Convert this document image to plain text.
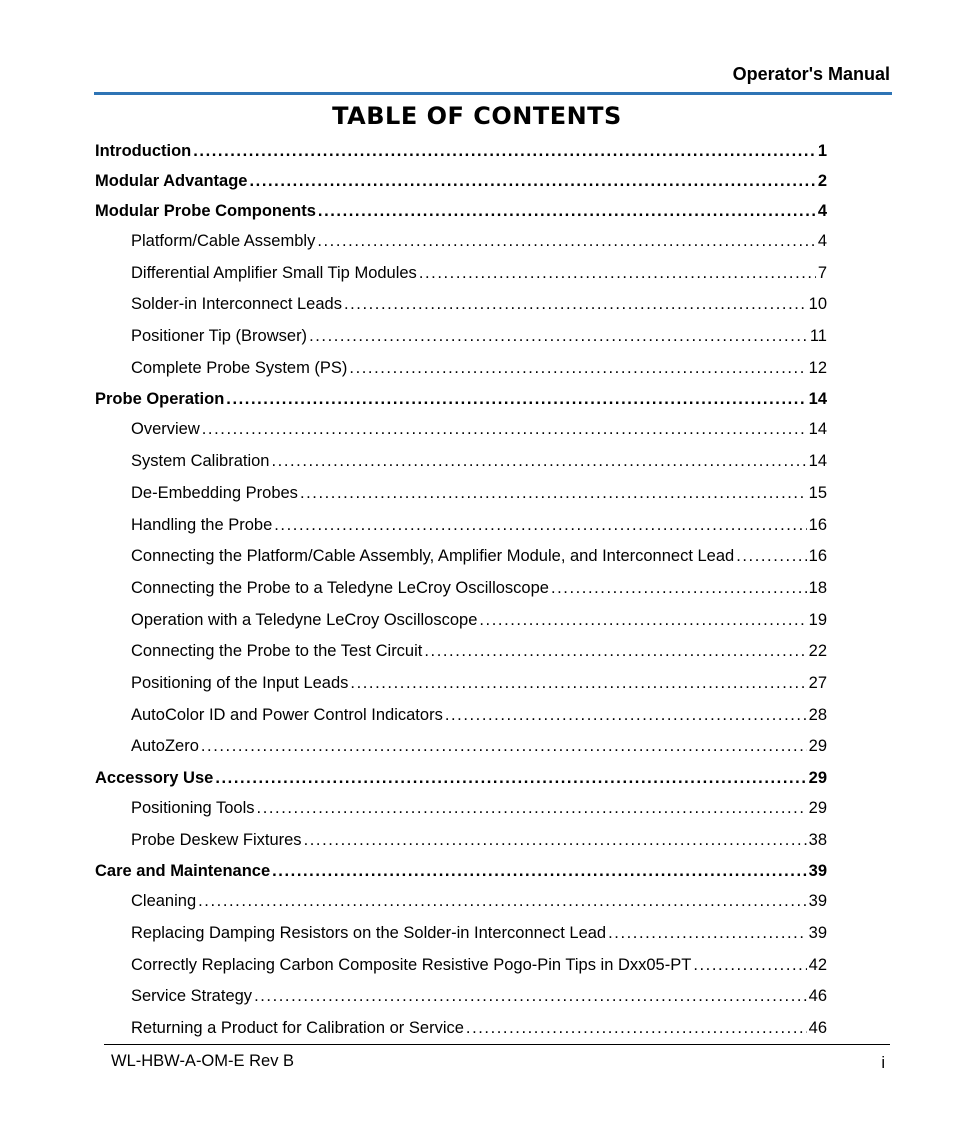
Operator's Manual
TABLE OF CONTENTS
Introduction . . .	1
Modular Advantage . . .	2
Modular Probe Components . . .	4
Platform/Cable Assembly . . .	4
Differential Amplifier Small Tip Modules . . .	7
Solder-in Interconnect Leads . . .	10
Positioner Tip (Browser) . . .	11
Complete Probe System (PS) . . .	12
Probe Operation . . .	14
Overview . . .	14
System Calibration . . .	14
De-Embedding Probes . . .	15
Handling the Probe . . .	16
Connecting the Platform/Cable Assembly, Amplifier Module, and Interconnect Lead . . .	16
Connecting the Probe to a Teledyne LeCroy Oscilloscope . . .	18
Operation with a Teledyne LeCroy Oscilloscope . . .	19
Connecting the Probe to the Test Circuit . . .	22
Positioning of the Input Leads . . .	27
AutoColor ID and Power Control Indicators . . .	28
AutoZero . . .	29
Accessory Use . . .	29
Positioning Tools . . .	29
Probe Deskew Fixtures . . .	38
Care and Maintenance . . .	39
Cleaning . . .	39
Replacing Damping Resistors on the Solder-in Interconnect Lead . . .	39
Correctly Replacing Carbon Composite Resistive Pogo-Pin Tips in Dxx05-PT . . .	42
Service Strategy . . .	46
Returning a Product for Calibration or Service . . .	46
WL-HBW-A-OM-E Rev B	i
